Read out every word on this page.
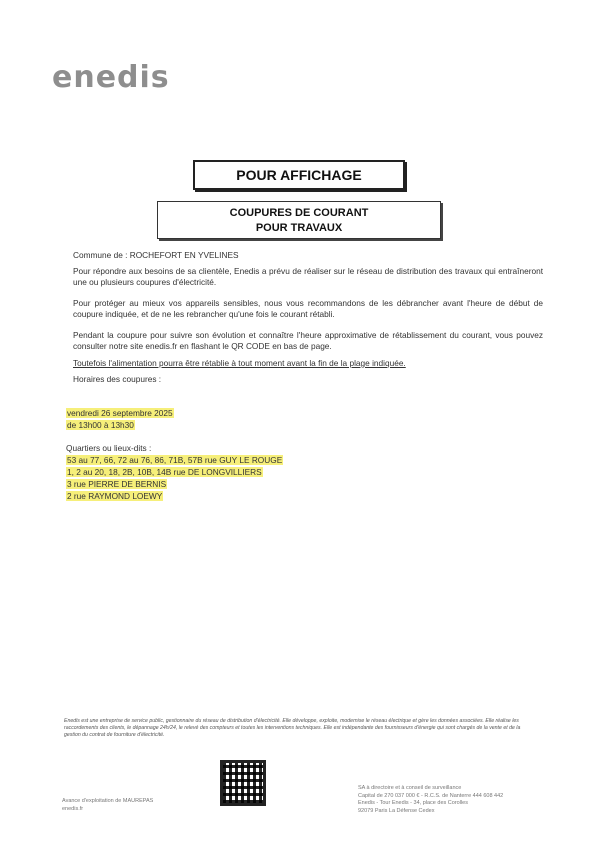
enedis
POUR AFFICHAGE
COUPURES DE COURANT
POUR TRAVAUX
Commune de : ROCHEFORT EN YVELINES
Pour répondre aux besoins de sa clientèle, Enedis a prévu de réaliser sur le réseau de distribution des travaux qui entraîneront une ou plusieurs coupures d'électricité.
Pour protéger au mieux vos appareils sensibles, nous vous recommandons de les débrancher avant l'heure de début de coupure indiquée, et de ne les rebrancher qu'une fois le courant rétabli.
Pendant la coupure pour suivre son évolution et connaître l'heure approximative de rétablissement du courant, vous pouvez consulter notre site enedis.fr en flashant le QR CODE en bas de page.
Toutefois l'alimentation pourra être rétablie à tout moment avant la fin de la plage indiquée.
Horaires des coupures :
vendredi 26 septembre 2025
de 13h00 à 13h30
Quartiers ou lieux-dits :
53 au 77, 66, 72 au 76, 86, 71B, 57B rue GUY LE ROUGE
1, 2 au 20, 18, 2B, 10B, 14B rue DE LONGVILLIERS
3 rue PIERRE DE BERNIS
2 rue RAYMOND LOEWY
Enedis est une entreprise de service public, gestionnaire du réseau de distribution d'électricité. Elle développe, exploite, modernise le réseau électrique et gère les données associées. Elle réalise les raccordements des clients, le dépannage 24h/24, le relevé des compteurs et toutes les interventions techniques. Elle est indépendante des fournisseurs d'énergie qui sont chargés de la vente et de la gestion du contrat de fourniture d'électricité.
Avance d'exploitation de MAUREPAS
enedis.fr
SA à directoire et à conseil de surveillance
Capital de 270 037 000 € - R.C.S. de Nanterre 444 608 442
Enedis - Tour Enedis - 34, place des Corolles
92079 Paris La Défense Cedex
